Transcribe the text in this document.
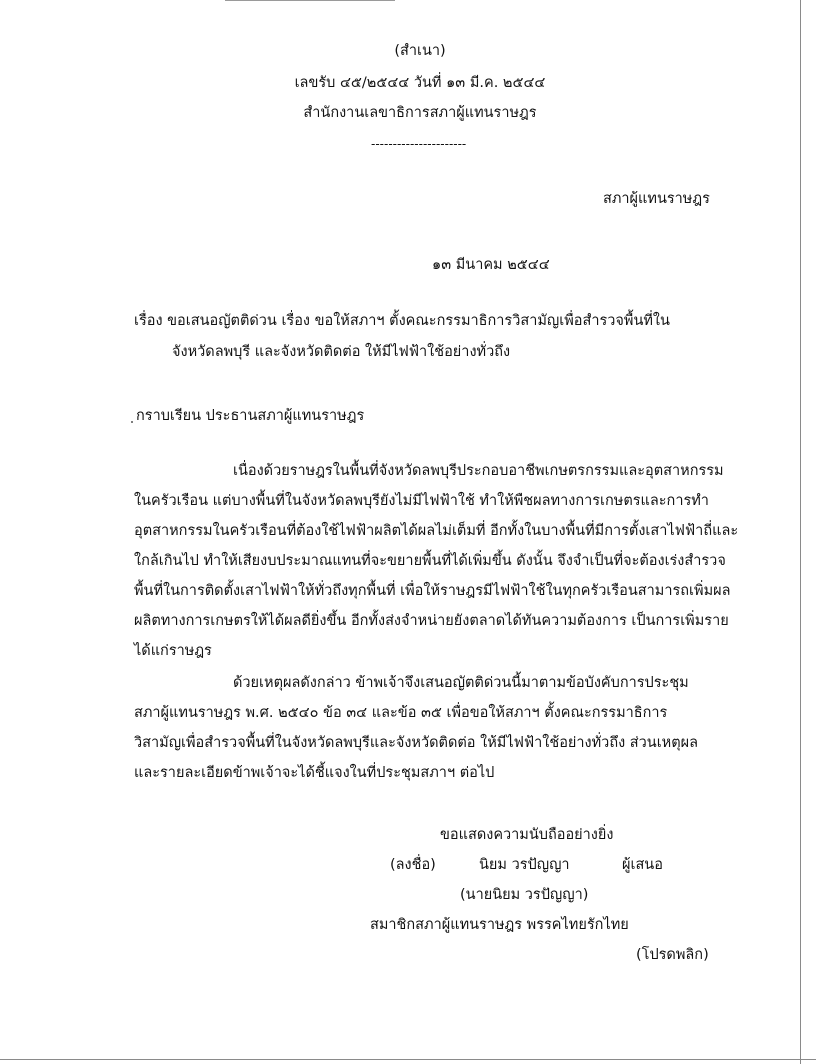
(สำเนา)
เลขรับ ๔๕/๒๕๔๔ วันที่ ๑๓ มี.ค. ๒๕๔๔
สำนักงานเลขาธิการสภาผู้แทนราษฎร
----------------------
สภาผู้แทนราษฎร
๑๓ มีนาคม ๒๕๔๔
เรื่อง ขอเสนอญัตติด่วน เรื่อง ขอให้สภาฯ ตั้งคณะกรรมาธิการวิสามัญเพื่อสำรวจพื้นที่ใน
จังหวัดลพบุรี และจังหวัดติดต่อ ให้มีไฟฟ้าใช้อย่างทั่วถึง
กราบเรียน ประธานสภาผู้แทนราษฎร
เนื่องด้วยราษฎรในพื้นที่จังหวัดลพบุรีประกอบอาชีพเกษตรกรรมและอุตสาหกรรม
ในครัวเรือน แต่บางพื้นที่ในจังหวัดลพบุรียังไม่มีไฟฟ้าใช้ ทำให้พืชผลทางการเกษตรและการทำ
อุตสาหกรรมในครัวเรือนที่ต้องใช้ไฟฟ้าผลิตได้ผลไม่เต็มที่ อีกทั้งในบางพื้นที่มีการตั้งเสาไฟฟ้าถี่และ
ใกล้เกินไป ทำให้เสียงบประมาณแทนที่จะขยายพื้นที่ได้เพิ่มขึ้น ดังนั้น จึงจำเป็นที่จะต้องเร่งสำรวจ
พื้นที่ในการติดตั้งเสาไฟฟ้าให้ทั่วถึงทุกพื้นที่ เพื่อให้ราษฎรมีไฟฟ้าใช้ในทุกครัวเรือนสามารถเพิ่มผล
ผลิตทางการเกษตรให้ได้ผลดียิ่งขึ้น อีกทั้งส่งจำหน่ายยังตลาดได้ทันความต้องการ เป็นการเพิ่มราย
ได้แก่ราษฎร
ด้วยเหตุผลดังกล่าว ข้าพเจ้าจึงเสนอญัตติด่วนนี้มาตามข้อบังคับการประชุม
สภาผู้แทนราษฎร พ.ศ. ๒๕๔๐ ข้อ ๓๔ และข้อ ๓๕ เพื่อขอให้สภาฯ ตั้งคณะกรรมาธิการ
วิสามัญเพื่อสำรวจพื้นที่ในจังหวัดลพบุรีและจังหวัดติดต่อ ให้มีไฟฟ้าใช้อย่างทั่วถึง ส่วนเหตุผล
และรายละเอียดข้าพเจ้าจะได้ชี้แจงในที่ประชุมสภาฯ ต่อไป
ขอแสดงความนับถืออย่างยิ่ง
(ลงชื่อ)	นิยม วรปัญญา	ผู้เสนอ
(นายนิยม วรปัญญา)
สมาชิกสภาผู้แทนราษฎร พรรคไทยรักไทย
(โปรดพลิก)
